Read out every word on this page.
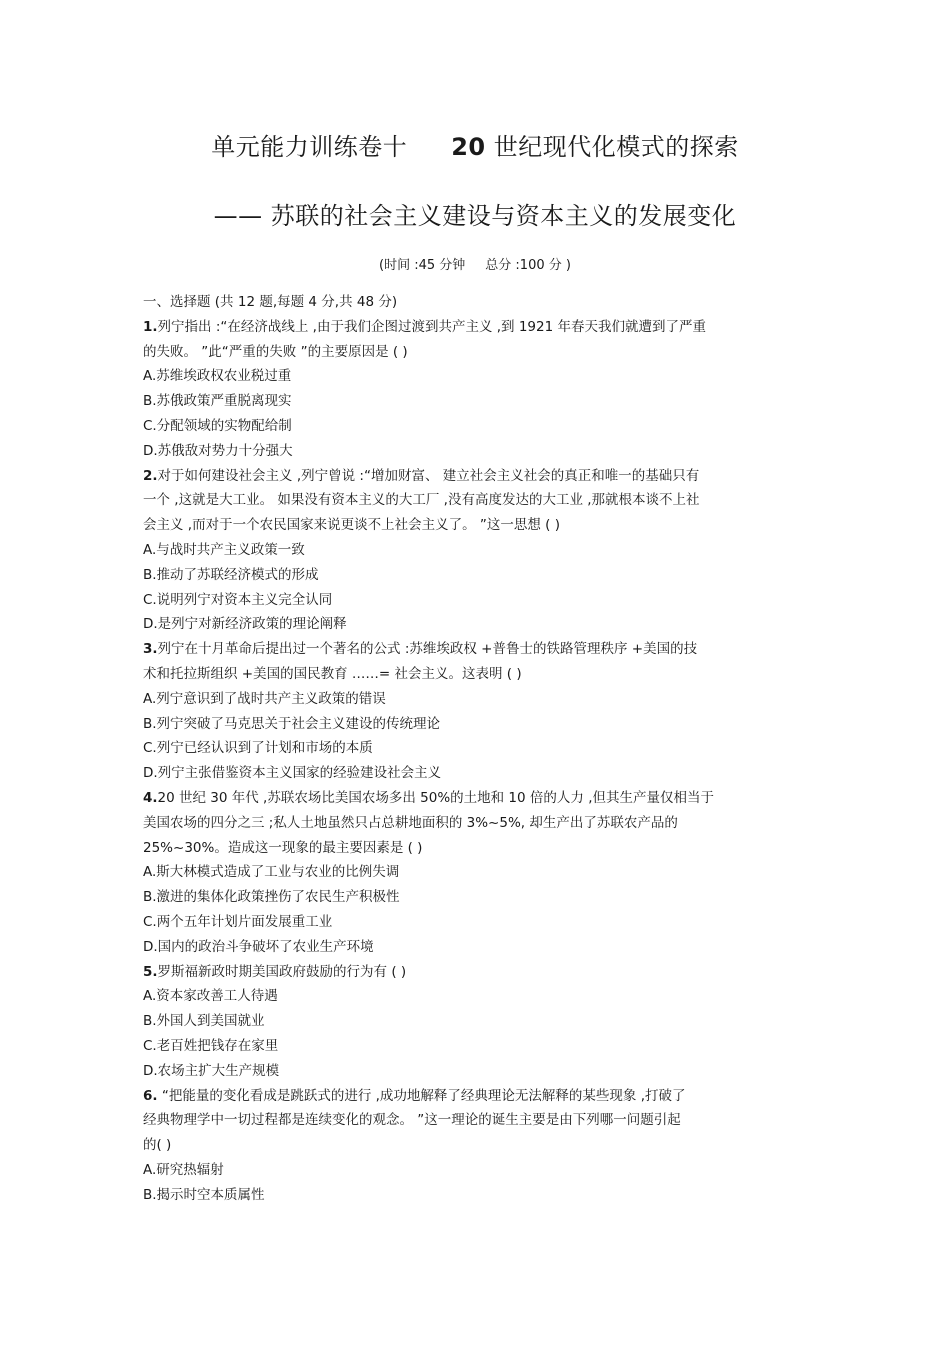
单元能力训练卷十 20 世纪现代化模式的探索
—— 苏联的社会主义建设与资本主义的发展变化
(时间 :45 分钟 总分 :100 分 )
一、选择题 (共 12 题,每题 4 分,共 48 分)
1.列宁指出 :“在经济战线上 ,由于我们企图过渡到共产主义 ,到 1921 年春天我们就遭到了严重
的失败。 ”此“严重的失败 ”的主要原因是 ( )
A.苏维埃政权农业税过重
B.苏俄政策严重脱离现实
C.分配领域的实物配给制
D.苏俄敌对势力十分强大
2.对于如何建设社会主义 ,列宁曾说 :“增加财富、 建立社会主义社会的真正和唯一的基础只有
一个 ,这就是大工业。 如果没有资本主义的大工厂 ,没有高度发达的大工业 ,那就根本谈不上社
会主义 ,而对于一个农民国家来说更谈不上社会主义了。 ”这一思想 ( )
A.与战时共产主义政策一致
B.推动了苏联经济模式的形成
C.说明列宁对资本主义完全认同
D.是列宁对新经济政策的理论阐释
3.列宁在十月革命后提出过一个著名的公式 :苏维埃政权 +普鲁士的铁路管理秩序 +美国的技
术和托拉斯组织 +美国的国民教育 ……= 社会主义。这表明 ( )
A.列宁意识到了战时共产主义政策的错误
B.列宁突破了马克思关于社会主义建设的传统理论
C.列宁已经认识到了计划和市场的本质
D.列宁主张借鉴资本主义国家的经验建设社会主义
4.20 世纪 30 年代 ,苏联农场比美国农场多出 50%的土地和 10 倍的人力 ,但其生产量仅相当于
美国农场的四分之三 ;私人土地虽然只占总耕地面积的 3%~5%, 却生产出了苏联农产品的
25%~30%。造成这一现象的最主要因素是 ( )
A.斯大林模式造成了工业与农业的比例失调
B.激进的集体化政策挫伤了农民生产积极性
C.两个五年计划片面发展重工业
D.国内的政治斗争破坏了农业生产环境
5.罗斯福新政时期美国政府鼓励的行为有 ( )
A.资本家改善工人待遇
B.外国人到美国就业
C.老百姓把钱存在家里
D.农场主扩大生产规模
6. “把能量的变化看成是跳跃式的进行 ,成功地解释了经典理论无法解释的某些现象 ,打破了
经典物理学中一切过程都是连续变化的观念。 ”这一理论的诞生主要是由下列哪一问题引起
的( )
A.研究热辐射
B.揭示时空本质属性
